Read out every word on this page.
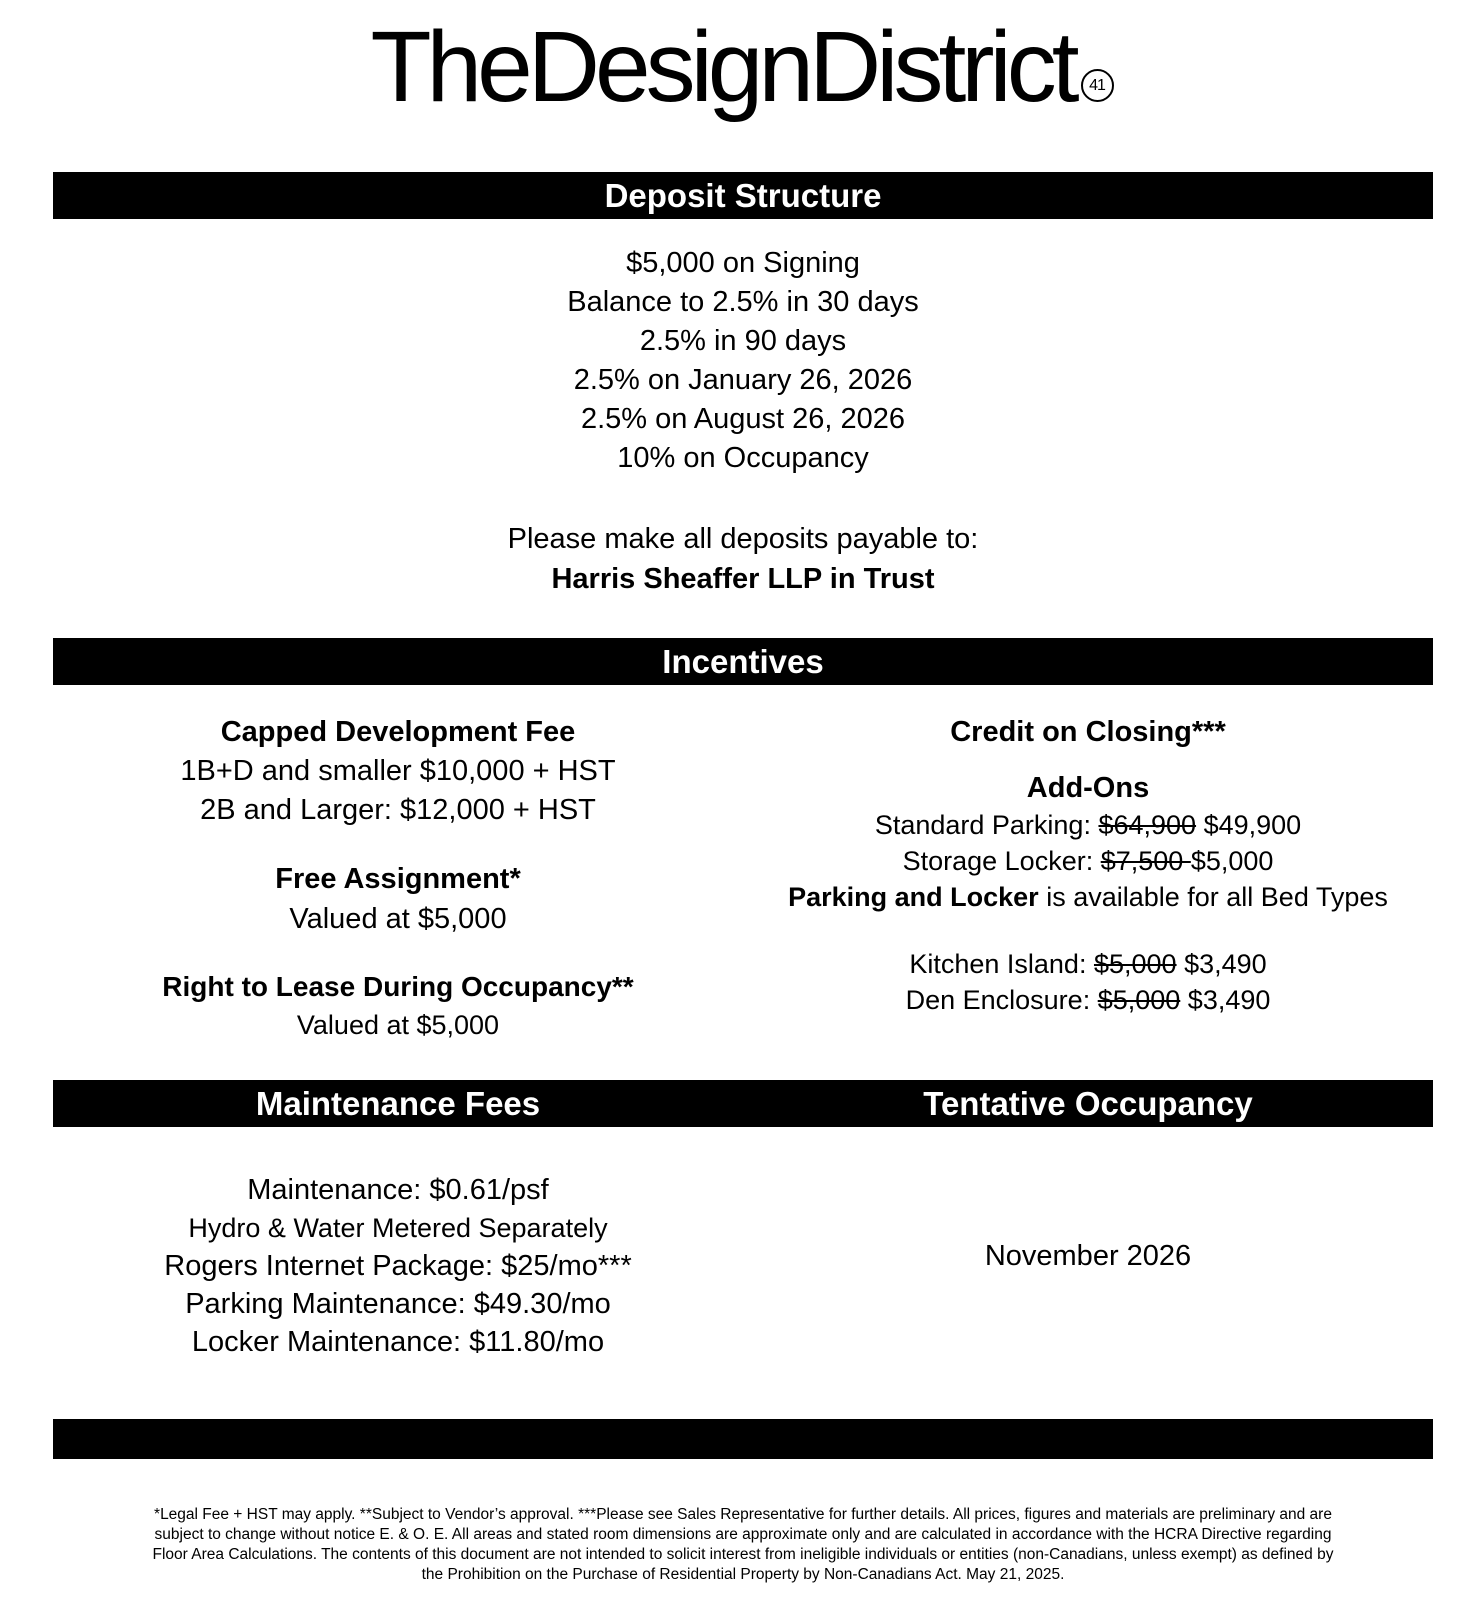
TheDesignDistrict 41
Deposit Structure
$5,000 on Signing
Balance to 2.5% in 30 days
2.5% in 90 days
2.5% on January 26, 2026
2.5% on August 26, 2026
10% on Occupancy
Please make all deposits payable to:
Harris Sheaffer LLP in Trust
Incentives
Capped Development Fee
1B+D and smaller $10,000 + HST
2B and Larger: $12,000 + HST
Free Assignment*
Valued at $5,000
Right to Lease During Occupancy**
Valued at $5,000
Credit on Closing***
Add-Ons
Standard Parking: $64,900 $49,900
Storage Locker: $7,500 $5,000
Parking and Locker is available for all Bed Types
Kitchen Island: $5,000 $3,490
Den Enclosure: $5,000 $3,490
Maintenance Fees	Tentative Occupancy
Maintenance: $0.61/psf
Hydro & Water Metered Separately
Rogers Internet Package: $25/mo***
Parking Maintenance: $49.30/mo
Locker Maintenance: $11.80/mo
November 2026
*Legal Fee + HST may apply. **Subject to Vendor’s approval. ***Please see Sales Representative for further details. All prices, figures and materials are preliminary and are
subject to change without notice E. & O. E. All areas and stated room dimensions are approximate only and are calculated in accordance with the HCRA Directive regarding
Floor Area Calculations. The contents of this document are not intended to solicit interest from ineligible individuals or entities (non-Canadians, unless exempt) as defined by
the Prohibition on the Purchase of Residential Property by Non-Canadians Act. May 21, 2025.
